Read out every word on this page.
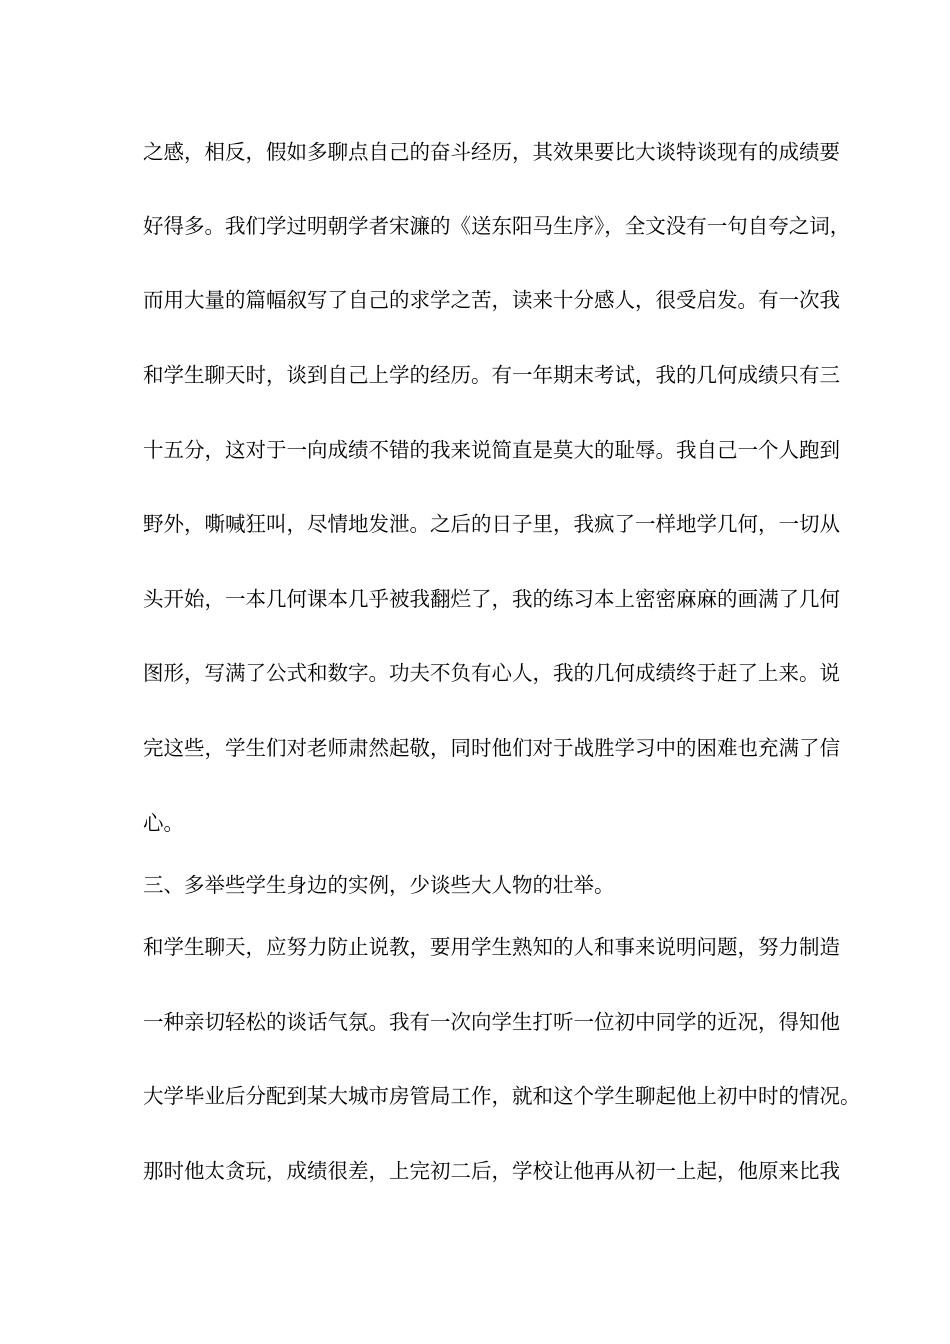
之感，相反，假如多聊点自己的奋斗经历，其效果要比大谈特谈现有的成绩要
好得多。我们学过明朝学者宋濂的《送东阳马生序》，全文没有一句自夸之词，
而用大量的篇幅叙写了自己的求学之苦，读来十分感人，很受启发。有一次我
和学生聊天时，谈到自己上学的经历。有一年期末考试，我的几何成绩只有三
十五分，这对于一向成绩不错的我来说简直是莫大的耻辱。我自己一个人跑到
野外，嘶喊狂叫，尽情地发泄。之后的日子里，我疯了一样地学几何，一切从
头开始，一本几何课本几乎被我翻烂了，我的练习本上密密麻麻的画满了几何
图形，写满了公式和数字。功夫不负有心人，我的几何成绩终于赶了上来。说
完这些，学生们对老师肃然起敬，同时他们对于战胜学习中的困难也充满了信
心。
三、多举些学生身边的实例，少谈些大人物的壮举。
和学生聊天，应努力防止说教，要用学生熟知的人和事来说明问题，努力制造
一种亲切轻松的谈话气氛。我有一次向学生打听一位初中同学的近况，得知他
大学毕业后分配到某大城市房管局工作，就和这个学生聊起他上初中时的情况。
那时他太贪玩，成绩很差，上完初二后，学校让他再从初一上起，他原来比我
